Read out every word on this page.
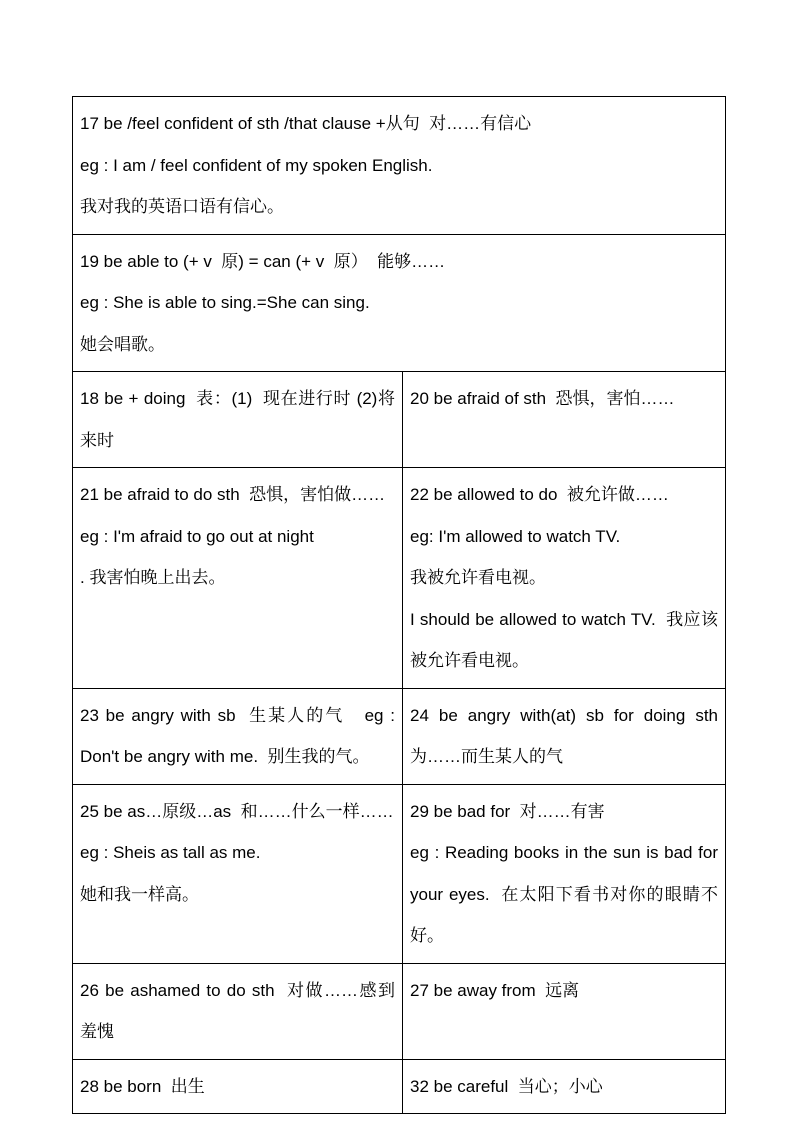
17 be /feel confident of sth /that clause +从句  对……有信心
eg : I am / feel confident of my spoken English.
我对我的英语口语有信心。	

19 be able to (+ v  原) = can (+ v  原）  能够……
eg : She is able to sing.=She can sing.
她会唱歌。	

18 be + doing  表：(1)  现在进行时 (2)将来时	20 be afraid of sth  恐惧，害怕……

21 be afraid to do sth  恐惧，害怕做……
eg : I'm afraid to go out at night
. 我害怕晚上出去。	22 be allowed to do  被允许做……
eg: I'm allowed to watch TV.
我被允许看电视。
I should be allowed to watch TV.  我应该被允许看电视。

23 be angry with sb  生某人的气   eg : Don't be angry with me.  别生我的气。	24 be angry with(at) sb for doing sth 为……而生某人的气

25 be as…原级…as  和……什么一样……
eg : Sheis as tall as me.
她和我一样高。	29 be bad for  对……有害
eg : Reading books in the sun is bad for your eyes.  在太阳下看书对你的眼睛不好。

26 be ashamed to do sth  对做……感到羞愧	27 be away from  远离

28 be born  出生	32 be careful  当心；小心
